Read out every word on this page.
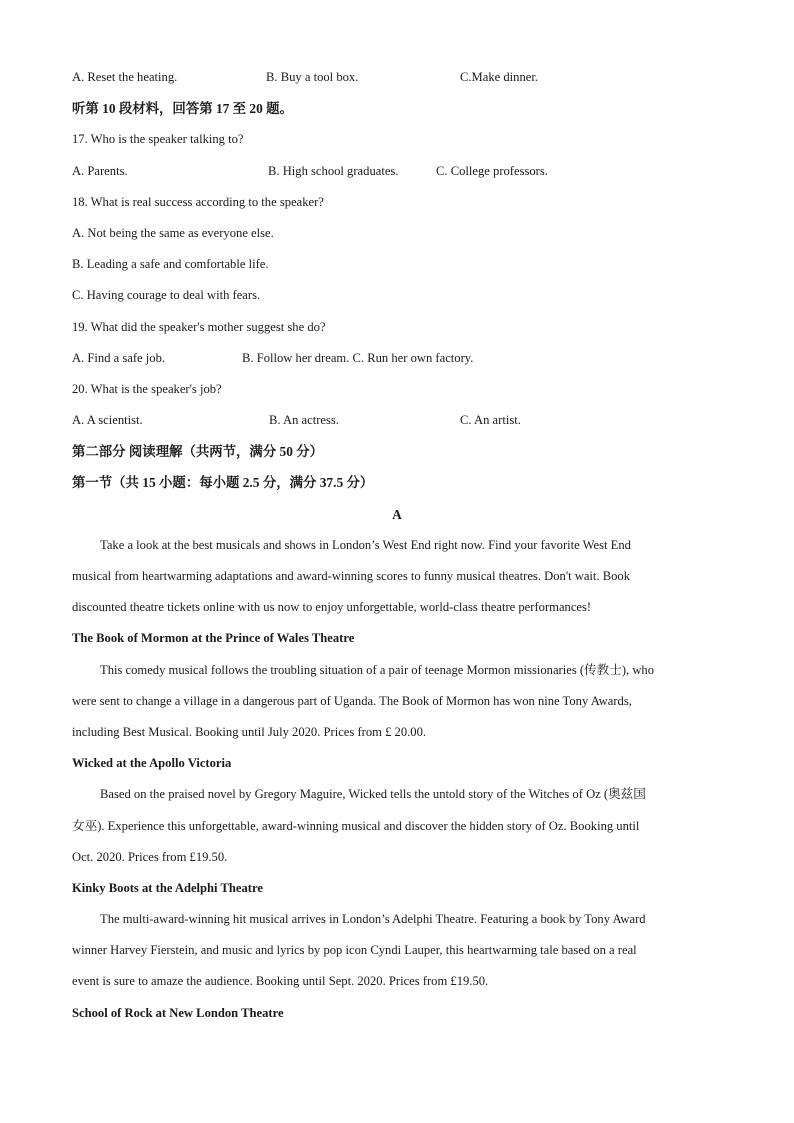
A. Reset the heating.	B. Buy a tool box.	C.Make dinner.
听第 10 段材料，回答第 17 至 20 题。
17. Who is the speaker talking to?
A. Parents.	B. High school graduates.	C. College professors.
18. What is real success according to the speaker?
A. Not being the same as everyone else.
B. Leading a safe and comfortable life.
C. Having courage to deal with fears.
19. What did the speaker's mother suggest she do?
A. Find a safe job.	B. Follow her dream. C. Run her own factory.
20. What is the speaker's job?
A. A scientist.	B. An actress.	C. An artist.
第二部分 阅读理解（共两节，满分 50 分）
第一节（共 15 小题：每小题 2.5 分，满分 37.5 分）
A
Take a look at the best musicals and shows in London’s West End right now. Find your favorite West End
musical from heartwarming adaptations and award-winning scores to funny musical theatres. Don't wait. Book
discounted theatre tickets online with us now to enjoy unforgettable, world-class theatre performances!
The Book of Mormon at the Prince of Wales Theatre
This comedy musical follows the troubling situation of a pair of teenage Mormon missionaries (传教士), who
were sent to change a village in a dangerous part of Uganda. The Book of Mormon has won nine Tony Awards,
including Best Musical. Booking until July 2020. Prices from £ 20.00.
Wicked at the Apollo Victoria
Based on the praised novel by Gregory Maguire, Wicked tells the untold story of the Witches of Oz (奥兹国
女巫). Experience this unforgettable, award-winning musical and discover the hidden story of Oz. Booking until
Oct. 2020. Prices from £19.50.
Kinky Boots at the Adelphi Theatre
The multi-award-winning hit musical arrives in London’s Adelphi Theatre. Featuring a book by Tony Award
winner Harvey Fierstein, and music and lyrics by pop icon Cyndi Lauper, this heartwarming tale based on a real
event is sure to amaze the audience. Booking until Sept. 2020. Prices from £19.50.
School of Rock at New London Theatre
